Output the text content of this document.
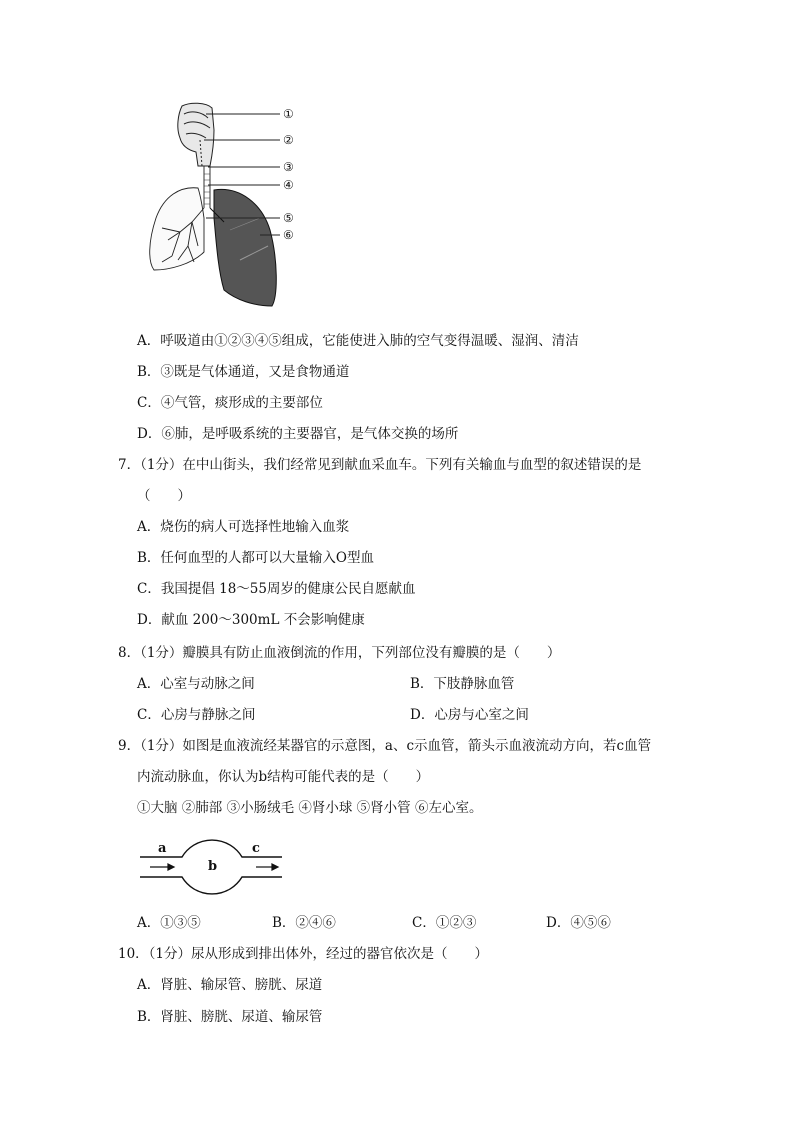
①
②
③
④
⑤
⑥
A．呼吸道由①②③④⑤组成，它能使进入肺的空气变得温暖、湿润、清洁
B．③既是气体通道，又是食物通道
C．④气管，痰形成的主要部位
D．⑥肺，是呼吸系统的主要器官，是气体交换的场所
7．（1分）在中山街头，我们经常见到献血采血车。下列有关输血与血型的叙述错误的是
（　　）
A．烧伤的病人可选择性地输入血浆
B．任何血型的人都可以大量输入O型血
C．我国提倡 18～55周岁的健康公民自愿献血
D．献血 200～300mL 不会影响健康
8．（1分）瓣膜具有防止血液倒流的作用，下列部位没有瓣膜的是（　　）
A．心室与动脉之间	B．下肢静脉血管
C．心房与静脉之间	D．心房与心室之间
9．（1分）如图是血液流经某器官的示意图，a、c示血管，箭头示血液流动方向，若c血管
内流动脉血，你认为b结构可能代表的是（　　）
①大脑 ②肺部 ③小肠绒毛 ④肾小球 ⑤肾小管 ⑥左心室。
a
b
c
A．①③⑤	B．②④⑥	C．①②③	D．④⑤⑥
10．（1分）尿从形成到排出体外，经过的器官依次是（　　）
A．肾脏、输尿管、膀胱、尿道
B．肾脏、膀胱、尿道、输尿管
